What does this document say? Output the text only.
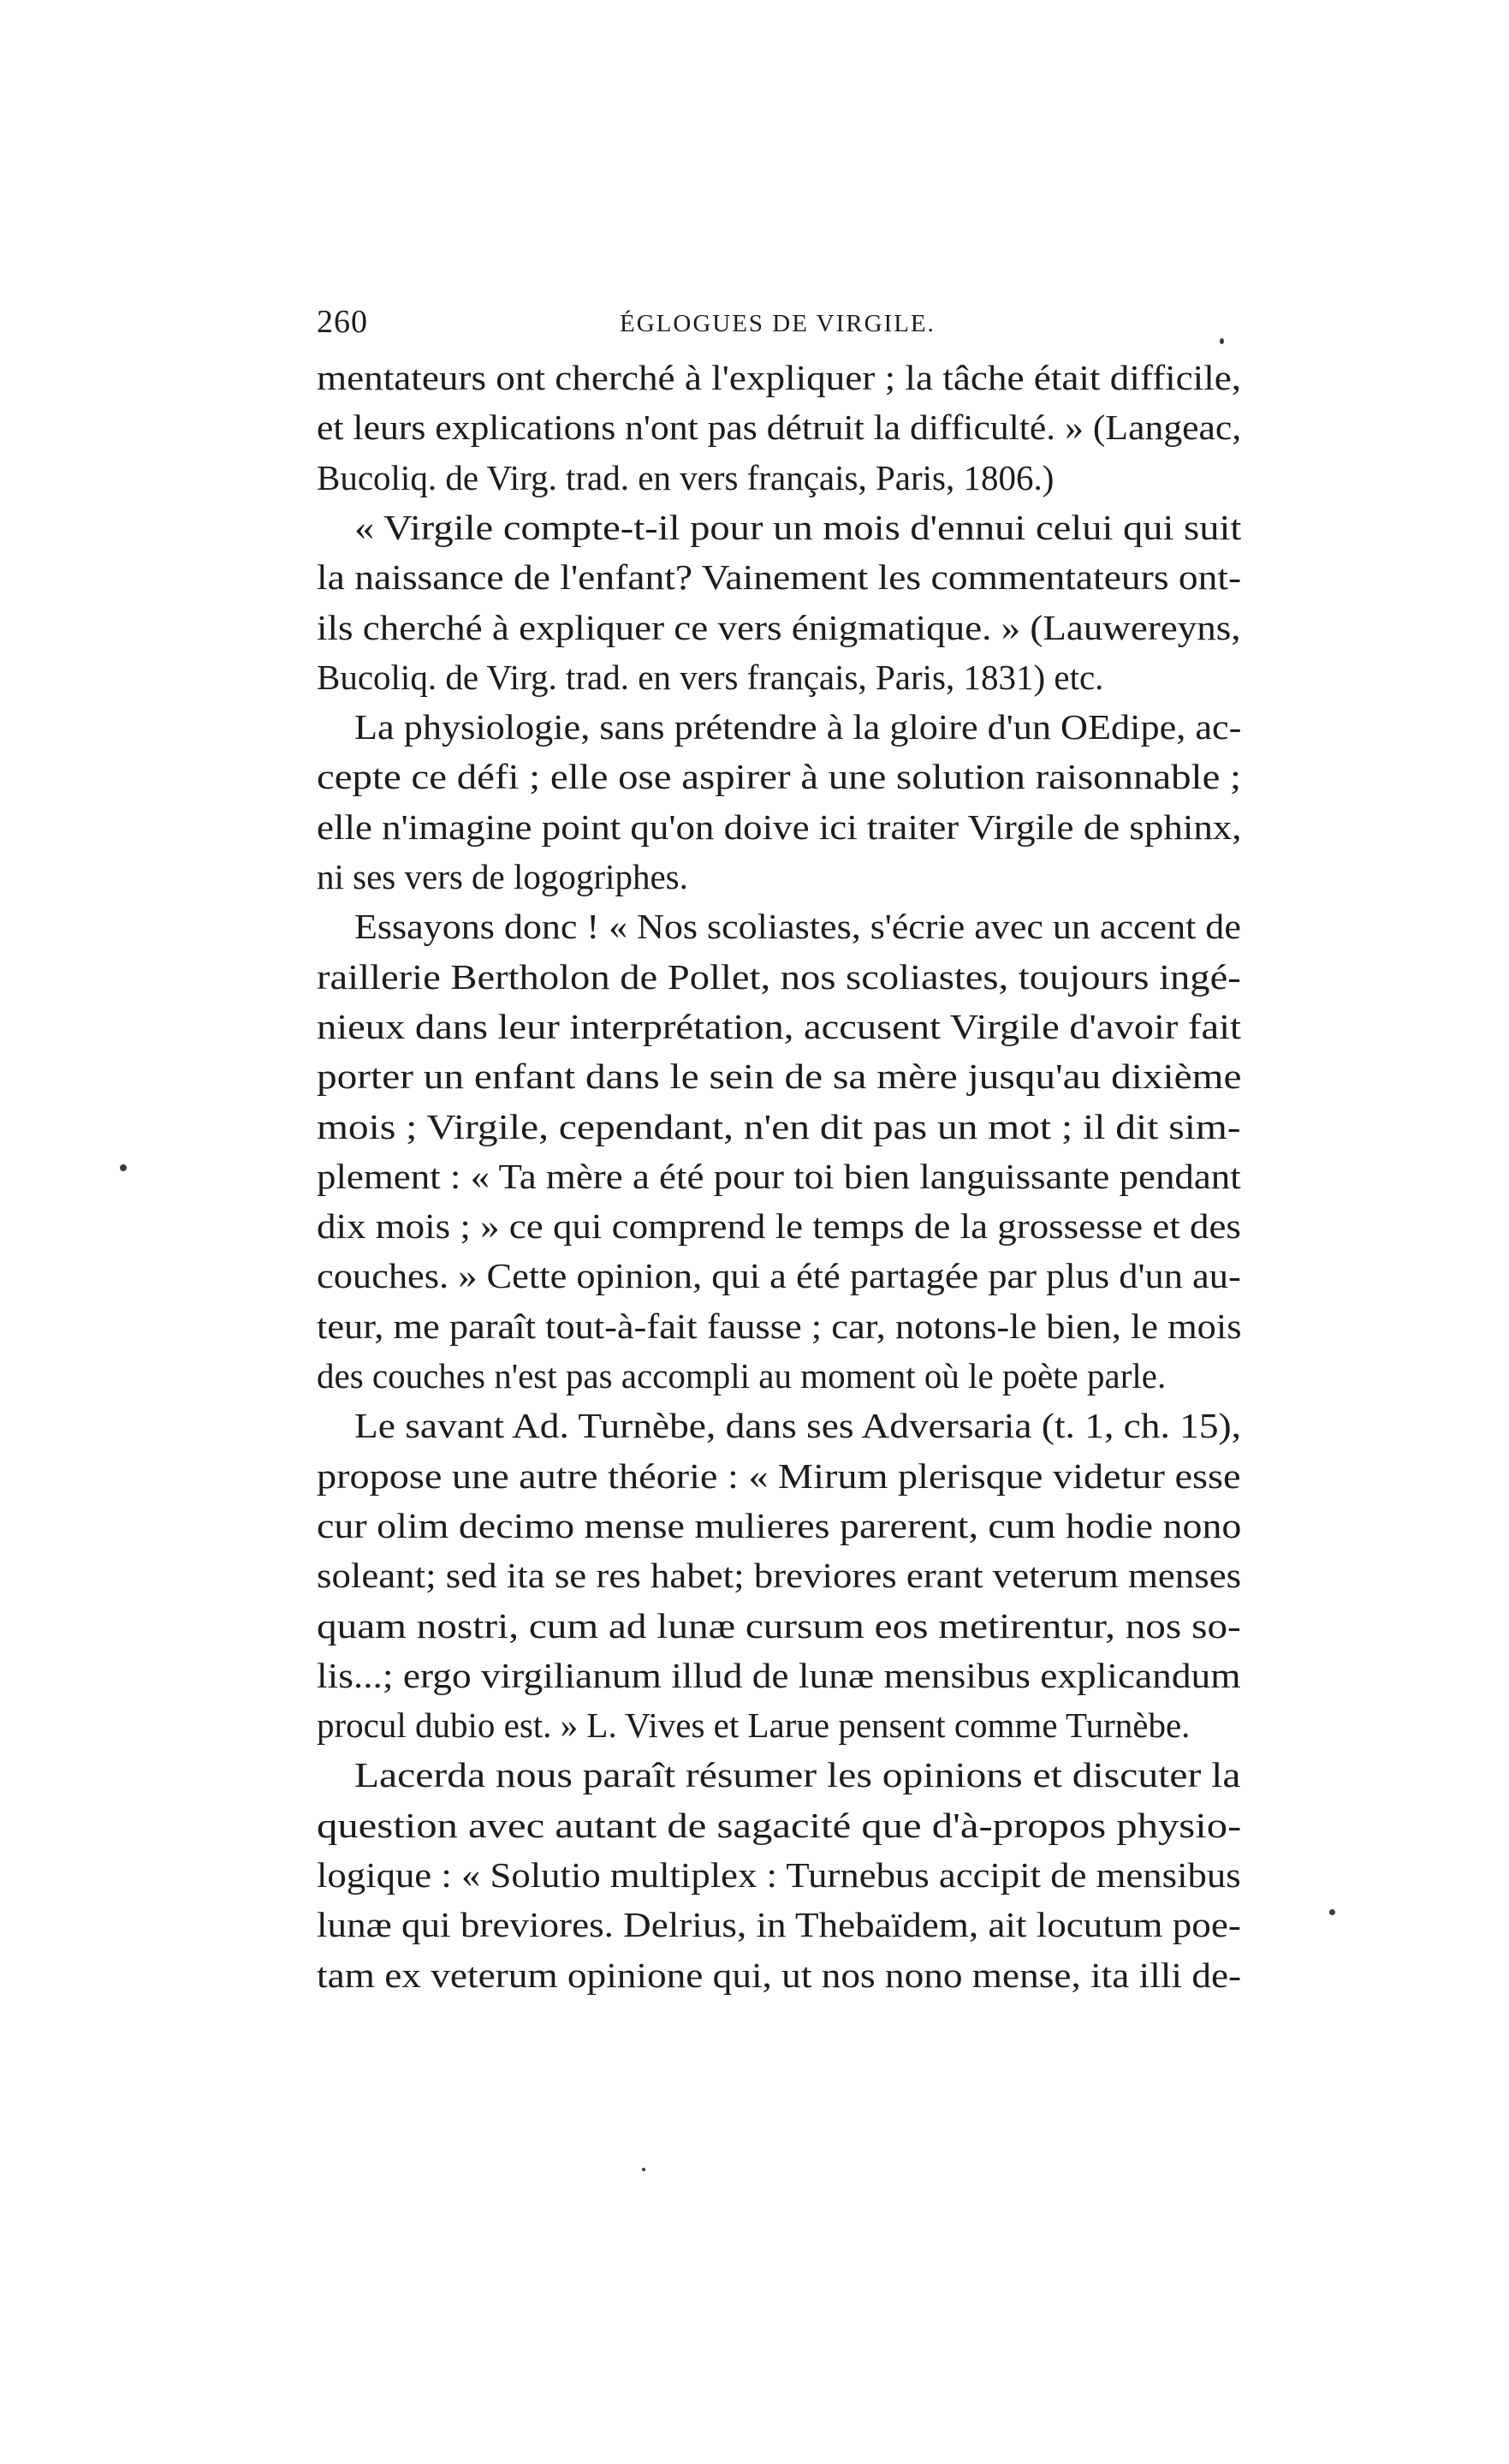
260	ÉGLOGUES DE VIRGILE.
mentateurs ont cherché à l'expliquer ; la tâche était difficile,
et leurs explications n'ont pas détruit la difficulté. » (Langeac,
Bucoliq. de Virg. trad. en vers français, Paris, 1806.)
« Virgile compte-t-il pour un mois d'ennui celui qui suit
la naissance de l'enfant? Vainement les commentateurs ont-
ils cherché à expliquer ce vers énigmatique. » (Lauwereyns,
Bucoliq. de Virg. trad. en vers français, Paris, 1831) etc.
La physiologie, sans prétendre à la gloire d'un OEdipe, ac-
cepte ce défi ; elle ose aspirer à une solution raisonnable ;
elle n'imagine point qu'on doive ici traiter Virgile de sphinx,
ni ses vers de logogriphes.
Essayons donc ! « Nos scoliastes, s'écrie avec un accent de
raillerie Bertholon de Pollet, nos scoliastes, toujours ingé-
nieux dans leur interprétation, accusent Virgile d'avoir fait
porter un enfant dans le sein de sa mère jusqu'au dixième
mois ; Virgile, cependant, n'en dit pas un mot ; il dit sim-
plement : « Ta mère a été pour toi bien languissante pendant
dix mois ; » ce qui comprend le temps de la grossesse et des
couches. » Cette opinion, qui a été partagée par plus d'un au-
teur, me paraît tout-à-fait fausse ; car, notons-le bien, le mois
des couches n'est pas accompli au moment où le poète parle.
Le savant Ad. Turnèbe, dans ses Adversaria (t. 1, ch. 15),
propose une autre théorie : « Mirum plerisque videtur esse
cur olim decimo mense mulieres parerent, cum hodie nono
soleant; sed ita se res habet; breviores erant veterum menses
quam nostri, cum ad lunæ cursum eos metirentur, nos so-
lis...; ergo virgilianum illud de lunæ mensibus explicandum
procul dubio est. » L. Vives et Larue pensent comme Turnèbe.
Lacerda nous paraît résumer les opinions et discuter la
question avec autant de sagacité que d'à-propos physio-
logique : « Solutio multiplex : Turnebus accipit de mensibus
lunæ qui breviores. Delrius, in Thebaïdem, ait locutum poe-
tam ex veterum opinione qui, ut nos nono mense, ita illi de-
